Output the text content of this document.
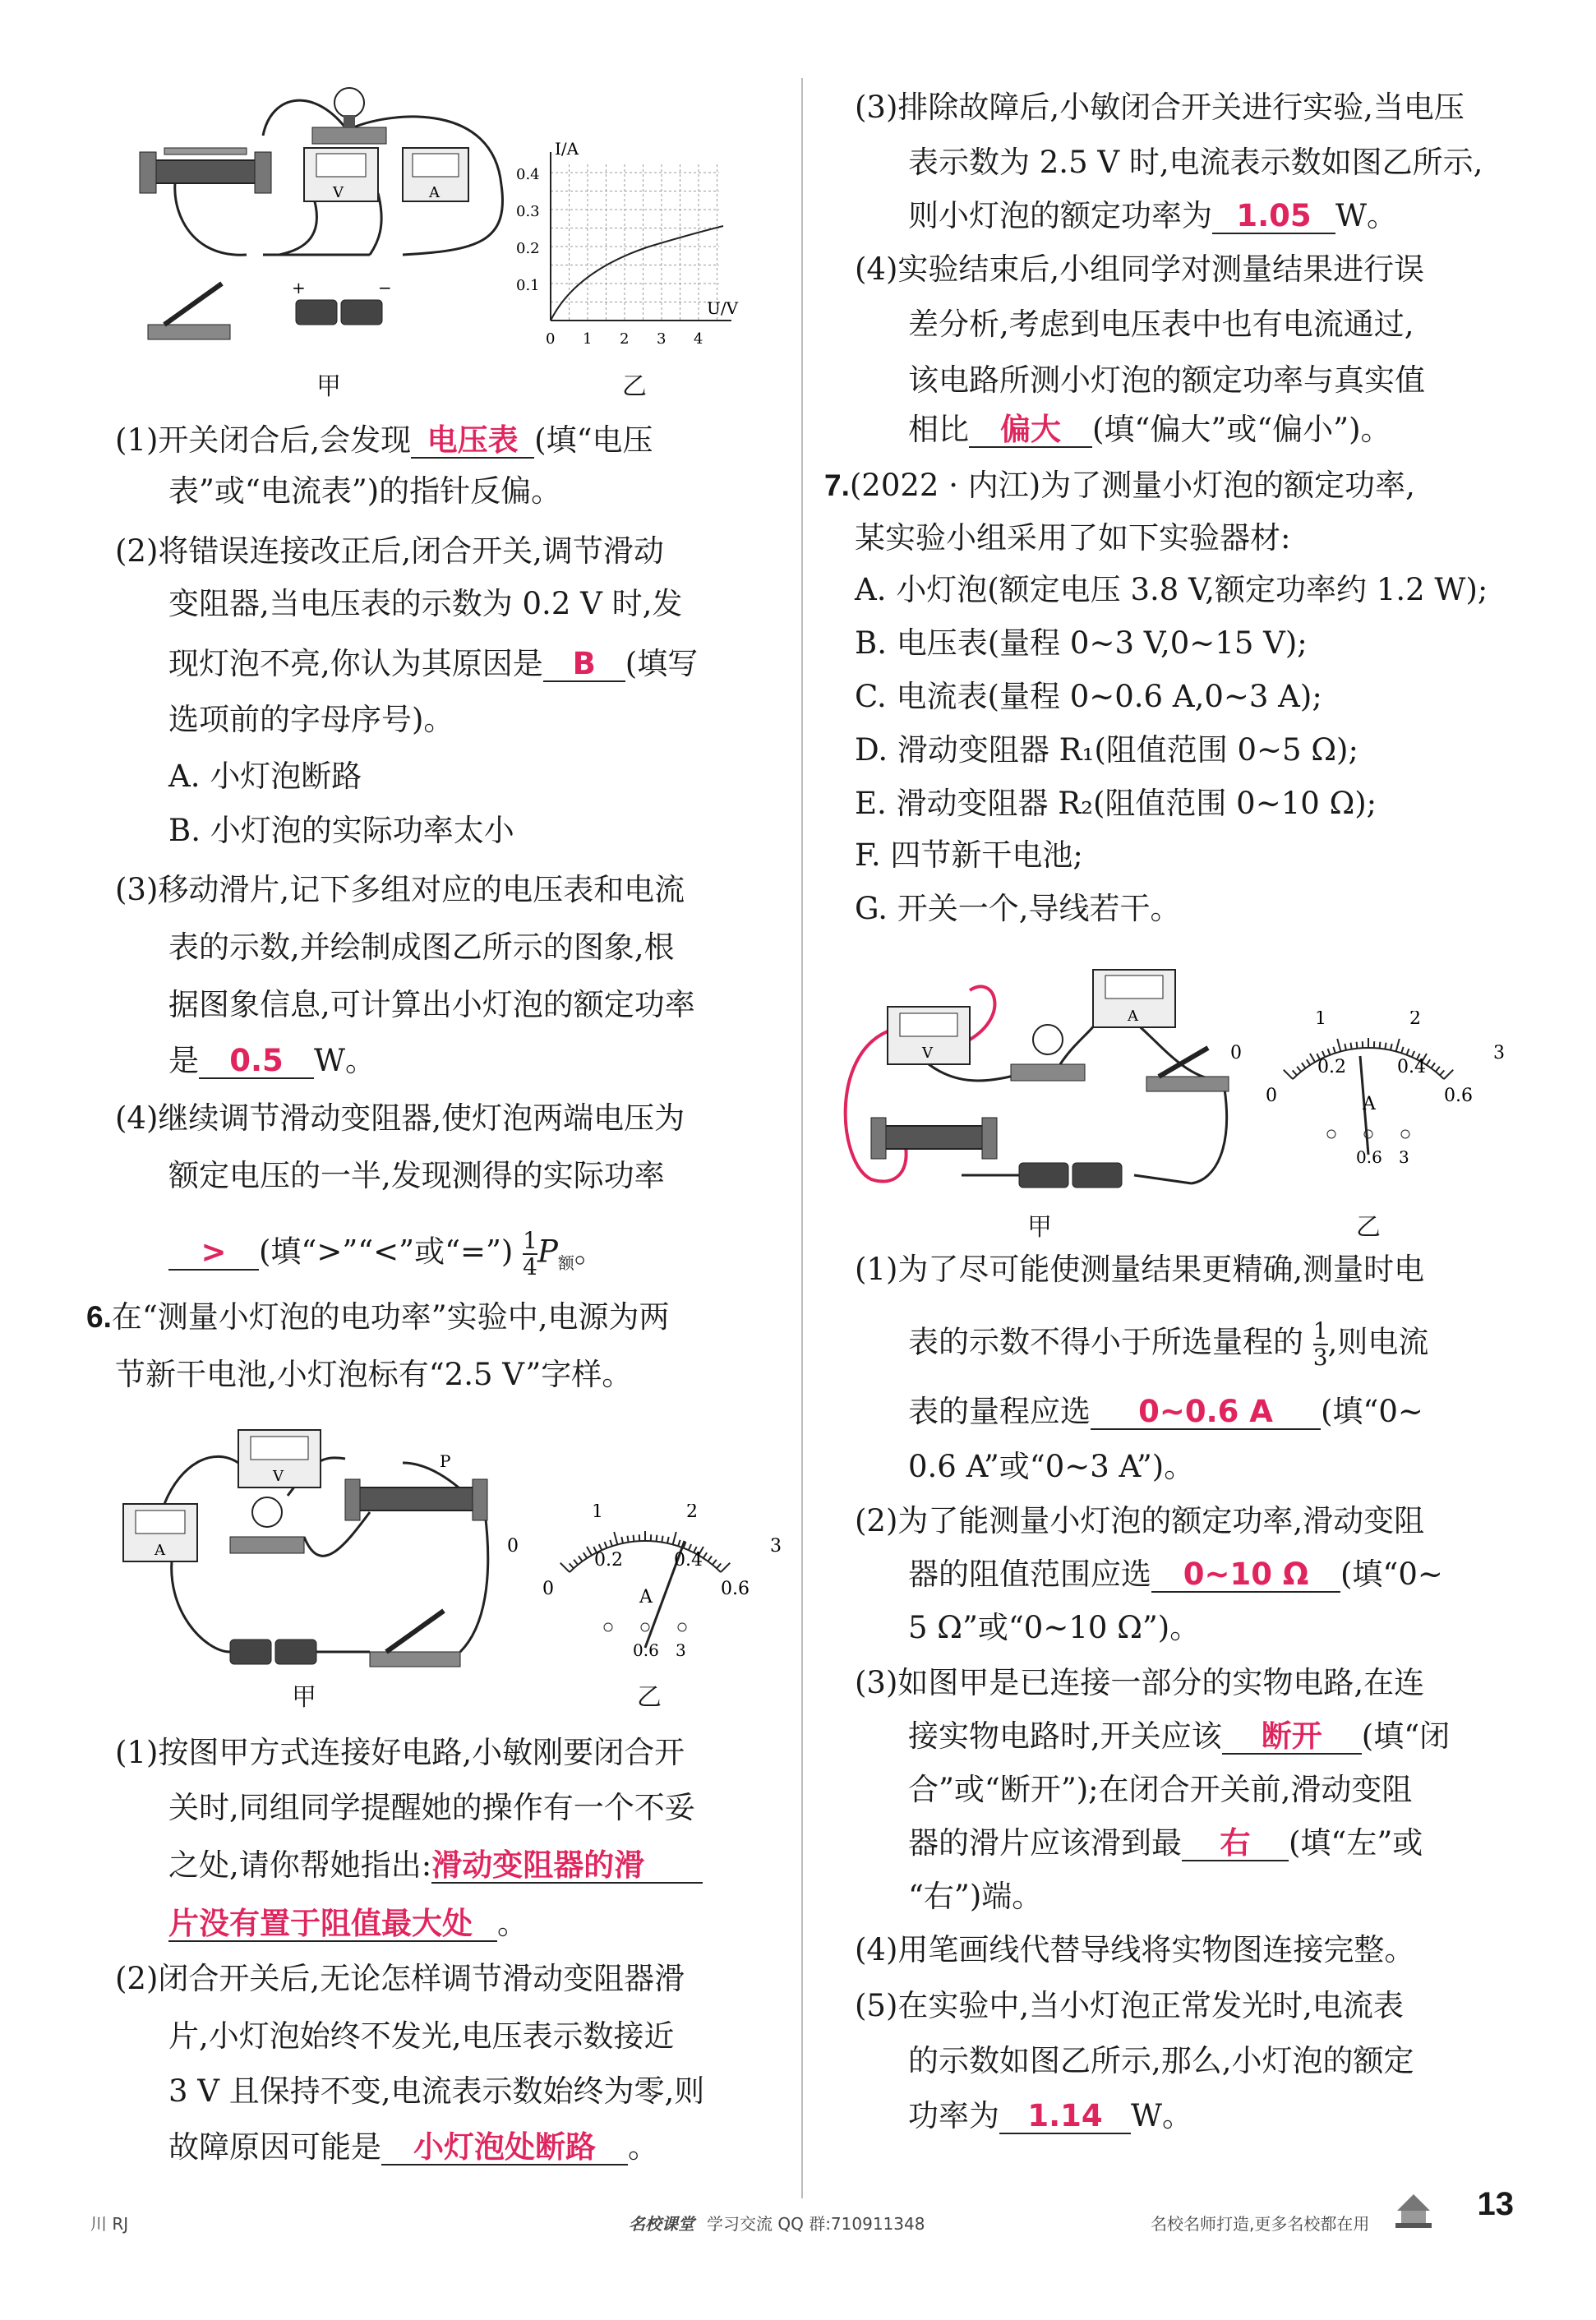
V	A
+	−
I/A
U/V
0.4
0.3
0.2
0.1
0 1 2 3 4
甲	乙
(1)开关闭合后,会发现 电压表 (填“电压
表”或“电流表”)的指针反偏。
(2)将错误连接改正后,闭合开关,调节滑动
变阻器,当电压表的示数为 0.2 V 时,发
现灯泡不亮,你认为其原因是 B (填写
选项前的字母序号)。
A. 小灯泡断路
B. 小灯泡的实际功率太小
(3)移动滑片,记下多组对应的电压表和电流
表的示数,并绘制成图乙所示的图象,根
据图象信息,可计算出小灯泡的额定功率
是 0.5 W。
(4)继续调节滑动变阻器,使灯泡两端电压为
额定电压的一半,发现测得的实际功率
> (填“>”“<”或“=”) $\frac{1}{4} P_额$。
6.在“测量小灯泡的电功率”实验中,电源为两
节新干电池,小灯泡标有“2.5 V”字样。
A
V
P
1	2
0	3
0
0.2	0.4
0.6
A
0.6 3
甲	乙
(1)按图甲方式连接好电路,小敏刚要闭合开
关时,同组同学提醒她的操作有一个不妥
之处,请你帮她指出:滑动变阻器的滑
片没有置于阻值最大处 。
(2)闭合开关后,无论怎样调节滑动变阻器滑
片,小灯泡始终不发光,电压表示数接近
3 V 且保持不变,电流表示数始终为零,则
故障原因可能是 小灯泡处断路 。
(3)排除故障后,小敏闭合开关进行实验,当电压
表示数为 2.5 V 时,电流表示数如图乙所示,
则小灯泡的额定功率为 1.05 W。
(4)实验结束后,小组同学对测量结果进行误
差分析,考虑到电压表中也有电流通过,
该电路所测小灯泡的额定功率与真实值
相比 偏大 (填“偏大”或“偏小”)。
7.(2022 · 内江)为了测量小灯泡的额定功率,
某实验小组采用了如下实验器材:
A. 小灯泡(额定电压 3.8 V,额定功率约 1.2 W);
B. 电压表(量程 0~3 V,0~15 V);
C. 电流表(量程 0~0.6 A,0~3 A);
D. 滑动变阻器 R₁(阻值范围 0~5 Ω);
E. 滑动变阻器 R₂(阻值范围 0~10 Ω);
F. 四节新干电池;
G. 开关一个,导线若干。
V
A	1	2
0	3
0
0.2	0.4
0.6
A
0.6 3
甲	乙
(1)为了尽可能使测量结果更精确,测量时电
表的示数不得小于所选量程的 $\frac{1}{3}$ ,则电流
表的量程应选 0~0.6 A (填“0~
0.6 A”或“0~3 A”)。
(2)为了能测量小灯泡的额定功率,滑动变阻
器的阻值范围应选 0~10 Ω (填“0~
5 Ω”或“0~10 Ω”)。
(3)如图甲是已连接一部分的实物电路,在连
接实物电路时,开关应该 断开 (填“闭
合”或“断开”);在闭合开关前,滑动变阻
器的滑片应该滑到最 右 (填“左”或
“右”)端。
(4)用笔画线代替导线将实物图连接完整。
(5)在实验中,当小灯泡正常发光时,电流表
的示数如图乙所示,那么,小灯泡的额定
功率为 1.14 W。
川 RJ	名校课堂 学习交流 QQ 群:710911348	名校名师打造,更多名校都在用
13
